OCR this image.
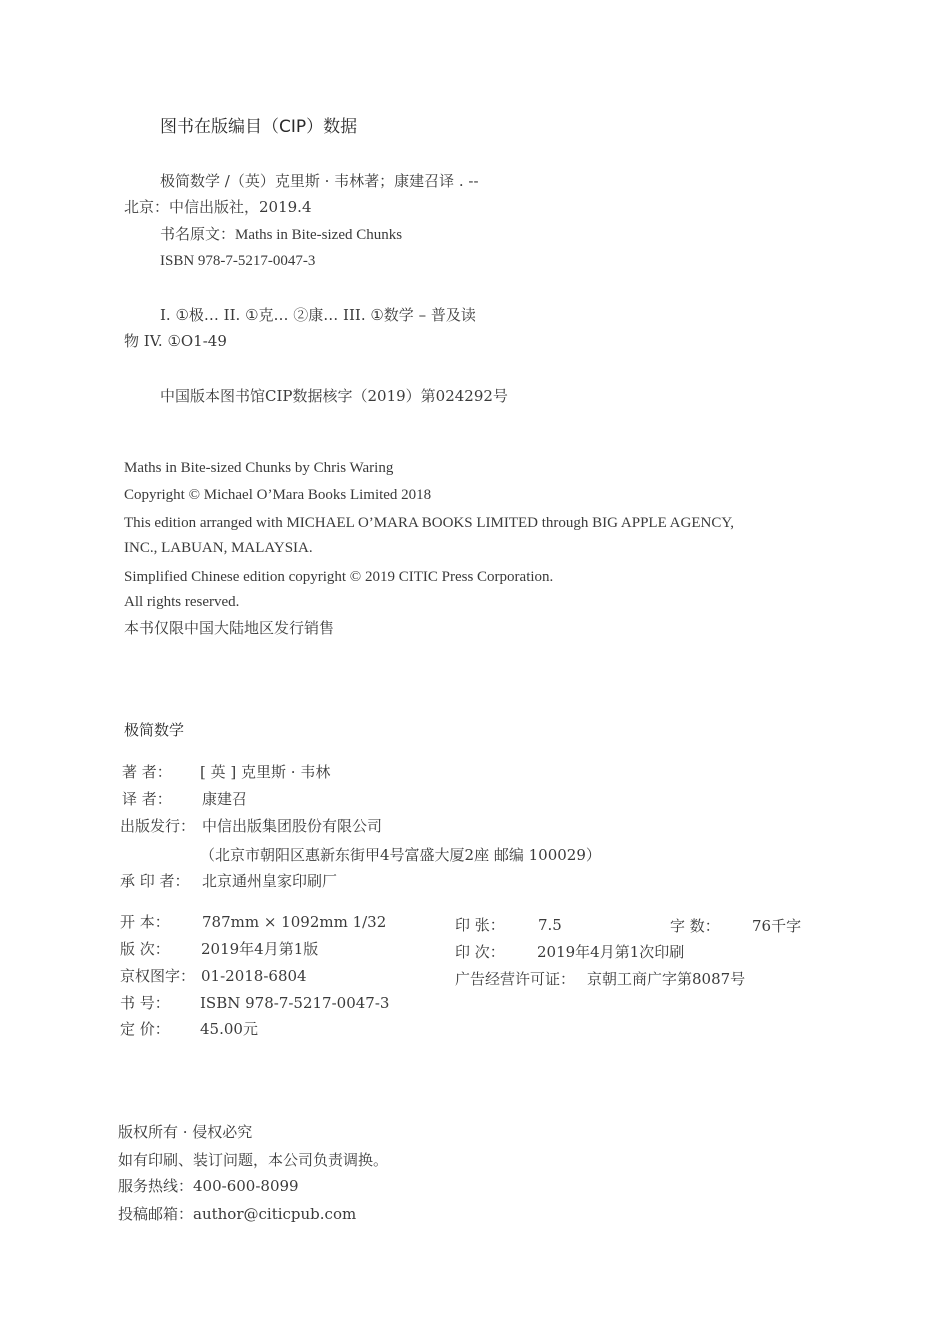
图书在版编目（CIP）数据
极简数学 /（英）克里斯 · 韦林著；康建召译 . --
北京：中信出版社，2019.4
书名原文：Maths in Bite-sized Chunks
ISBN 978-7-5217-0047-3
I. ①极… II. ①克… ②康… III. ①数学 – 普及读
物 IV. ①O1-49
中国版本图书馆CIP数据核字（2019）第024292号
Maths in Bite-sized Chunks by Chris Waring
Copyright © Michael O’Mara Books Limited 2018
This edition arranged with MICHAEL O’MARA BOOKS LIMITED through BIG APPLE AGENCY,
INC., LABUAN, MALAYSIA.
Simplified Chinese edition copyright © 2019 CITIC Press Corporation.
All rights reserved.
本书仅限中国大陆地区发行销售
极简数学
著 者： [ 英 ] 克里斯 · 韦林
译 者： 康建召
出版发行： 中信出版集团股份有限公司
（北京市朝阳区惠新东街甲4号富盛大厦2座 邮编 100029）
承 印 者： 北京通州皇家印刷厂
开 本： 787mm × 1092mm 1/32	印 张： 7.5	字 数： 76千字
版 次： 2019年4月第1版	印 次： 2019年4月第1次印刷
京权图字： 01-2018-6804	广告经营许可证： 京朝工商广字第8087号
书 号： ISBN 978-7-5217-0047-3
定 价： 45.00元
版权所有 · 侵权必究
如有印刷、装订问题，本公司负责调换。
服务热线：400-600-8099
投稿邮箱：author@citicpub.com
